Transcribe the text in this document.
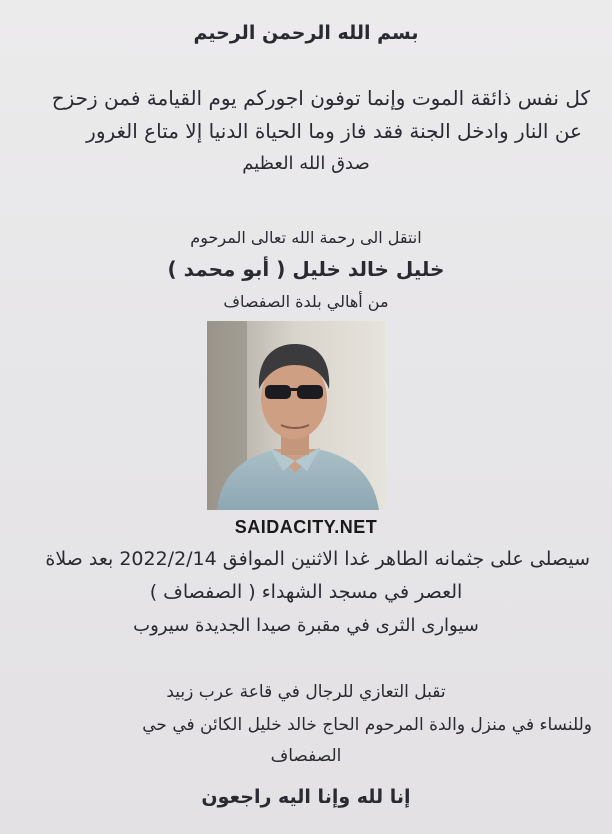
بسم الله الرحمن الرحيم
كل نفس ذائقة الموت وإنما توفون اجوركم يوم القيامة فمن زحزح
عن النار وادخل الجنة فقد فاز وما الحياة الدنيا إلا متاع الغرور
صدق الله العظيم
انتقل الى رحمة الله تعالى المرحوم
خليل خالد خليل ( أبو محمد )
من أهالي بلدة الصفصاف
SAIDACITY.NET
سيصلى على جثمانه الطاهر غدا الاثنين الموافق 2022/2/14 بعد صلاة
العصر في مسجد الشهداء ( الصفصاف )
سيوارى الثرى في مقبرة صيدا الجديدة سيروب
تقبل التعازي للرجال في قاعة عرب زبيد
وللنساء في منزل والدة المرحوم الحاج خالد خليل الكائن في حي
الصفصاف
إنا لله وإنا اليه راجعون
